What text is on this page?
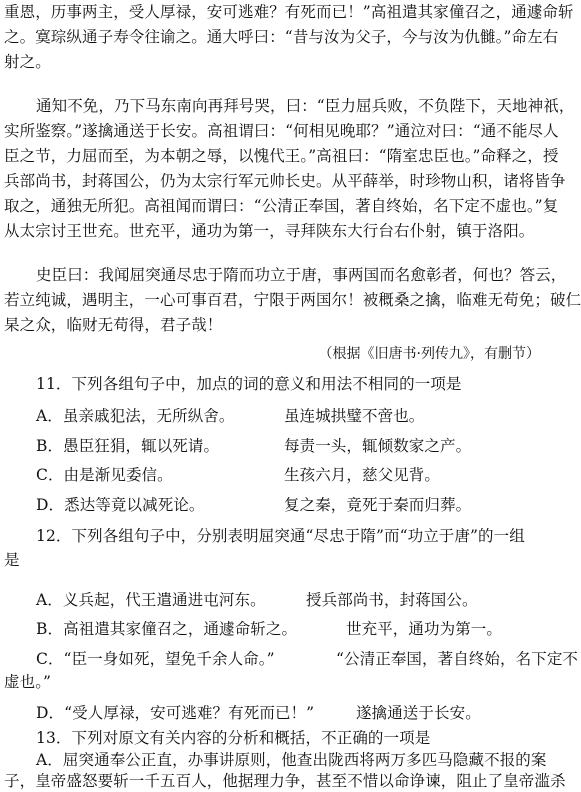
重恩，历事两主，受人厚禄，安可逃难？有死而已！”高祖遣其家僮召之，通遽命斩
之。寞琮纵通子寿令往谕之。通大呼曰：“昔与汝为父子，今与汝为仇雠。”命左右
射之。
通知不免，乃下马东南向再拜号哭，曰：“臣力屈兵败，不负陛下，天地神祇，
实所鉴察。”遂擒通送于长安。高祖谓曰：“何相见晚耶？”通泣对曰：“通不能尽人
臣之节，力屈而至，为本朝之辱，以愧代王。”高祖曰：“隋室忠臣也。”命释之，授
兵部尚书，封蒋国公，仍为太宗行军元帅长史。从平薛举，时珍物山积，诸将皆争
取之，通独无所犯。高祖闻而谓曰：“公清正奉国，著自终始，名下定不虚也。”复
从太宗讨王世充。世充平，通功为第一，寻拜陕东大行台右仆射，镇于洛阳。
史臣曰：我闻屈突通尽忠于隋而功立于唐，事两国而名愈彰者，何也？答云，
若立纯诚，遇明主，一心可事百君，宁限于两国尔！被穊桑之擒，临难无苟免；破仁
杲之众，临财无苟得，君子哉！
（根据《旧唐书·列传九》，有删节）
11．下列各组句子中，加点的词的意义和用法不相同的一项是
A．虽亲戚犯法，无所纵舍。	虽连城拱璧不啻也。
B．愚臣狂狷，辄以死请。	每责一头，辄倾数家之产。
C．由是渐见委信。	生孩六月，慈父见背。
D．悉达等竟以减死论。	复之秦，竟死于秦而归葬。
12．下列各组句子中，分别表明屈突通“尽忠于隋”而“功立于唐”的一组
是
A．义兵起，代王遣通进屯河东。	授兵部尚书，封蒋国公。
B．高祖遣其家僮召之，通遽命斩之。	世充平，通功为第一。
C．“臣一身如死，望免千余人命。”	“公清正奉国，著自终始，名下定不
虚也。”
D．“受人厚禄，安可逃难？有死而已！”	遂擒通送于长安。
13．下列对原文有关内容的分析和概括，不正确的一项是
A．屈突通奉公正直，办事讲原则，他查出陇西将两万多匹马隐藏不报的案
子，皇帝盛怒要斩一千五百人，他据理力争，甚至不惜以命诤谏，阻止了皇帝滥杀
